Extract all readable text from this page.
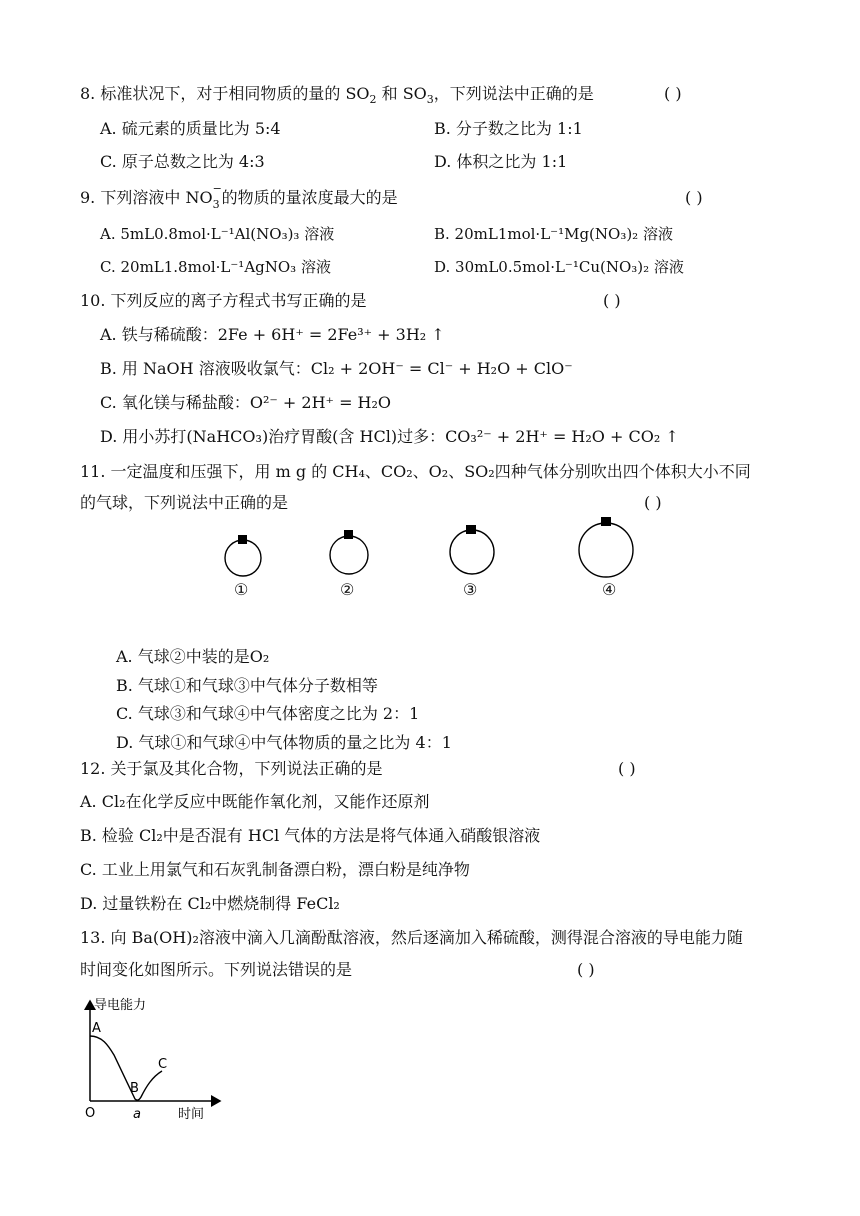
8. 标准状况下，对于相同物质的量的 $SO_2$ 和 $SO_3$，下列说法中正确的是	( )
A. 硫元素的质量比为 5:4	B. 分子数之比为 1:1
C. 原子总数之比为 4:3	D. 体积之比为 1:1
9. 下列溶液中 NO −
3 的物质的量浓度最大的是	( )
A. 5mL0.8mol·L⁻¹Al(NO₃)₃ 溶液	B. 20mL1mol·L⁻¹Mg(NO₃)₂ 溶液
C. 20mL1.8mol·L⁻¹AgNO₃ 溶液	D. 30mL0.5mol·L⁻¹Cu(NO₃)₂ 溶液
10. 下列反应的离子方程式书写正确的是	( )
A. 铁与稀硫酸：2Fe + 6H⁺ = 2Fe³⁺ + 3H₂ ↑
B. 用 NaOH 溶液吸收氯气：Cl₂ + 2OH⁻ = Cl⁻ + H₂O + ClO⁻
C. 氧化镁与稀盐酸：O²⁻ + 2H⁺ = H₂O
D. 用小苏打(NaHCO₃)治疗胃酸(含 HCl)过多：CO₃²⁻ + 2H⁺ = H₂O + CO₂ ↑
11. 一定温度和压强下，用 m g 的 CH₄、CO₂、O₂、SO₂四种气体分别吹出四个体积大小不同
的气球，下列说法中正确的是	( )
①	②	③	④
A. 气球②中装的是O₂
B. 气球①和气球③中气体分子数相等
C. 气球③和气球④中气体密度之比为 2：1
D. 气球①和气球④中气体物质的量之比为 4：1
12. 关于氯及其化合物，下列说法正确的是	( )
A. Cl₂在化学反应中既能作氧化剂，又能作还原剂
B. 检验 Cl₂中是否混有 HCl 气体的方法是将气体通入硝酸银溶液
C. 工业上用氯气和石灰乳制备漂白粉，漂白粉是纯净物
D. 过量铁粉在 Cl₂中燃烧制得 FeCl₂
13. 向 Ba(OH)₂溶液中滴入几滴酚酞溶液，然后逐滴加入稀硫酸，测得混合溶液的导电能力随
时间变化如图所示。下列说法错误的是	( )
导电能力
时间
O	a
A
B
C
